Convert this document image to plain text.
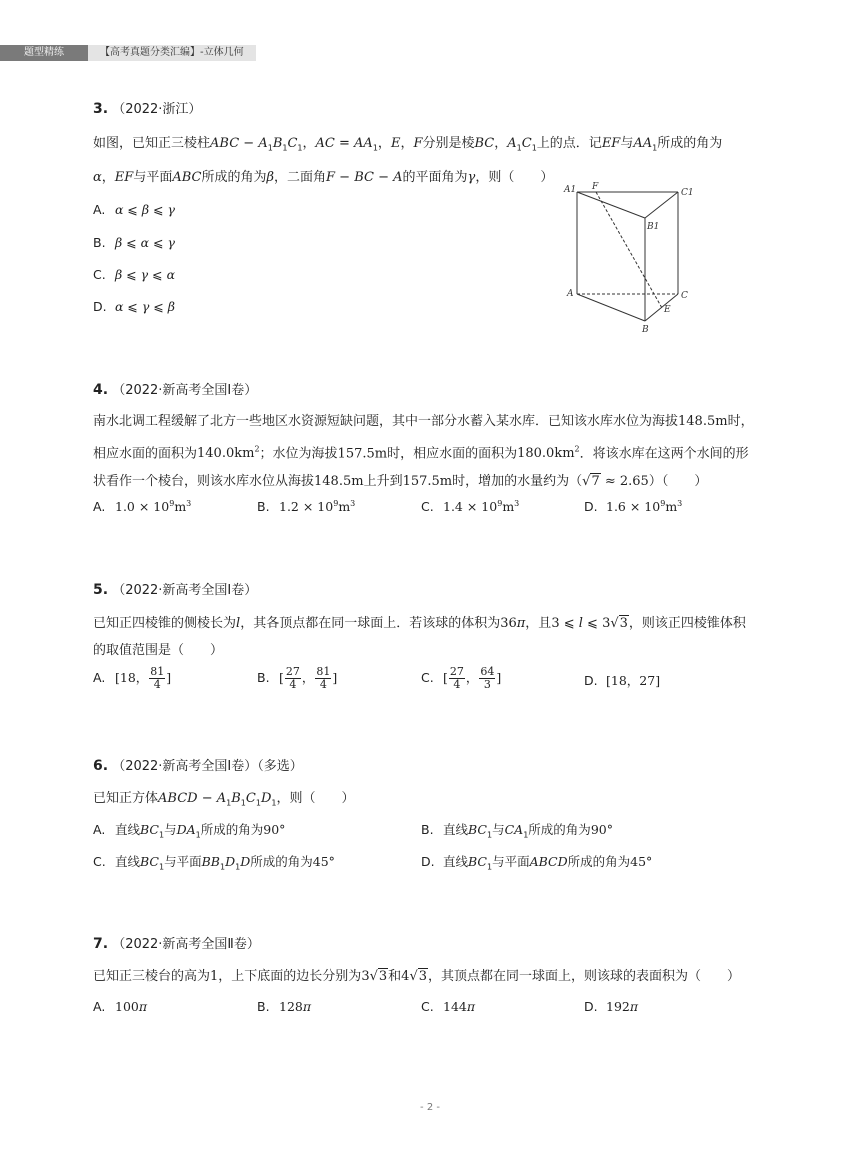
题型精练	【高考真题分类汇编】-立体几何
3. （2022·浙江）
如图，已知正三棱柱ABC − $A_1B_1C_1$，AC = $AA_1$，E，F分别是棱BC，$A_1C_1$上的点．记EF与$AA_1$所成的角为
α，EF与平面ABC所成的角为β，二面角F − BC − A的平面角为γ，则（　　）
A. α ⩽ β ⩽ γ
B. β ⩽ α ⩽ γ
C. β ⩽ γ ⩽ α
D. α ⩽ γ ⩽ β
A1 F
C1
B1
A	C
E
B
4. （2022·新高考全国Ⅰ卷）
南水北调工程缓解了北方一些地区水资源短缺问题，其中一部分水蓄入某水库．已知该水库水位为海拔148.5m时，相应水面的面积为$140.0km^2$；水位为海拔157.5m时，相应水面的面积为$180.0km^2$．将该水库在这两个水间的形状看作一个棱台，则该水库水位从海拔148.5m上升到157.5m时，增加的水量约为（√7 ≈ 2.65）（　　）
A. $1.0 \times 10^9m^3$	B. $1.2 \times 10^9m^3$	C. $1.4 \times 10^9m^3$	D. $1.6 \times 10^9m^3$
5. （2022·新高考全国Ⅰ卷）
已知正四棱锥的侧棱长为l，其各顶点都在同一球面上．若该球的体积为36π，且3 ⩽ l ⩽ 3√3，则该正四棱锥体积的取值范围是（　　）
A. [18， $\frac{81}{4}$ ]	B. [ $\frac{27}{4}$ ， $\frac{81}{4}$ ]	C. [ $\frac{27}{4}$ ， $\frac{64}{3}$ ]	D. [18，27]
6. （2022·新高考全国Ⅰ卷）（多选）
已知正方体ABCD − $A_1B_1C_1D_1$，则（　　）
A. 直线$BC_1$与$DA_1$所成的角为90°	B. 直线$BC_1$与$CA_1$所成的角为90°
C. 直线$BC_1$与平面$BB_1D_1D$所成的角为45°	D. 直线$BC_1$与平面ABCD所成的角为45°
7. （2022·新高考全国Ⅱ卷）
已知正三棱台的高为1，上下底面的边长分别为3√3和4√3，其顶点都在同一球面上，则该球的表面积为（　　）
A. 100π	B. 128π	C. 144π	D. 192π
- 2 -
